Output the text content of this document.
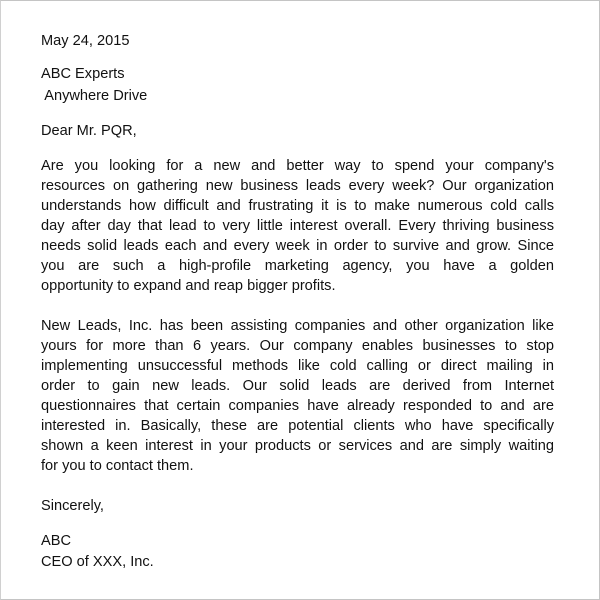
May 24, 2015
ABC Experts
Anywhere Drive
Dear Mr. PQR,
Are you looking for a new and better way to spend your company's
resources on gathering new business leads every week? Our organization
understands how difficult and frustrating it is to make numerous cold calls
day after day that lead to very little interest overall. Every thriving business
needs solid leads each and every week in order to survive and grow. Since
you are such a high-profile marketing agency, you have a golden
opportunity to expand and reap bigger profits.
New Leads, Inc. has been assisting companies and other organization like
yours for more than 6 years. Our company enables businesses to stop
implementing unsuccessful methods like cold calling or direct mailing in
order to gain new leads. Our solid leads are derived from Internet
questionnaires that certain companies have already responded to and are
interested in. Basically, these are potential clients who have specifically
shown a keen interest in your products or services and are simply waiting
for you to contact them.
Sincerely,
ABC
CEO of XXX, Inc.
